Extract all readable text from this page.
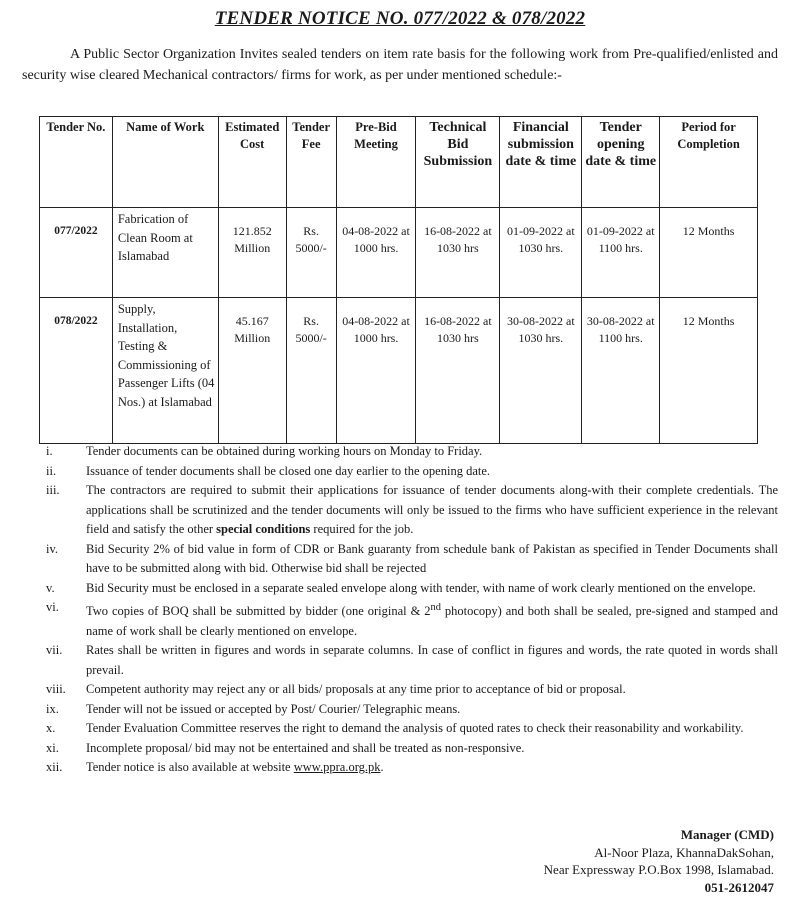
TENDER NOTICE NO. 077/2022 & 078/2022
A Public Sector Organization Invites sealed tenders on item rate basis for the following work from Pre-qualified/enlisted and security wise cleared Mechanical contractors/ firms for work, as per under mentioned schedule:-
Tender No.	Name of Work	Estimated Cost	Tender Fee	Pre-Bid Meeting	Technical Bid Submission	Financial submission date & time	Tender opening date & time	Period for Completion
077/2022	Fabrication of Clean Room at Islamabad	121.852 Million	Rs. 5000/-	04-08-2022 at 1000 hrs.	16-08-2022 at 1030 hrs	01-09-2022 at 1030 hrs.	01-09-2022 at 1100 hrs.	12 Months
078/2022	Supply, Installation, Testing & Commissioning of Passenger Lifts (04 Nos.) at Islamabad	45.167 Million	Rs. 5000/-	04-08-2022 at 1000 hrs.	16-08-2022 at 1030 hrs	30-08-2022 at 1030 hrs.	30-08-2022 at 1100 hrs.	12 Months
i.	Tender documents can be obtained during working hours on Monday to Friday.
ii. Issuance of tender documents shall be closed one day earlier to the opening date.
iii. The contractors are required to submit their applications for issuance of tender documents along-with their complete credentials. The applications shall be scrutinized and the tender documents will only be issued to the firms who have sufficient experience in the relevant field and satisfy the other special conditions required for the job.
iv. Bid Security 2% of bid value in form of CDR or Bank guaranty from schedule bank of Pakistan as specified in Tender Documents shall have to be submitted along with bid. Otherwise bid shall be rejected
v.	Bid Security must be enclosed in a separate sealed envelope along with tender, with name of work clearly mentioned on the envelope.
vi. Two copies of BOQ shall be submitted by bidder (one original & 2nd photocopy) and both shall be sealed, pre-signed and stamped and name of work shall be clearly mentioned on envelope.
vii. Rates shall be written in figures and words in separate columns. In case of conflict in figures and words, the rate quoted in words shall prevail.
viii. Competent authority may reject any or all bids/ proposals at any time prior to acceptance of bid or proposal.
ix. Tender will not be issued or accepted by Post/ Courier/ Telegraphic means.
x. Tender Evaluation Committee reserves the right to demand the analysis of quoted rates to check their reasonability and workability.
xi. Incomplete proposal/ bid may not be entertained and shall be treated as non-responsive.
xii. Tender notice is also available at website www.ppra.org.pk.
Manager (CMD)
Al-Noor Plaza, KhannaDakSohan,
Near Expressway P.O.Box 1998, Islamabad.
051-2612047
